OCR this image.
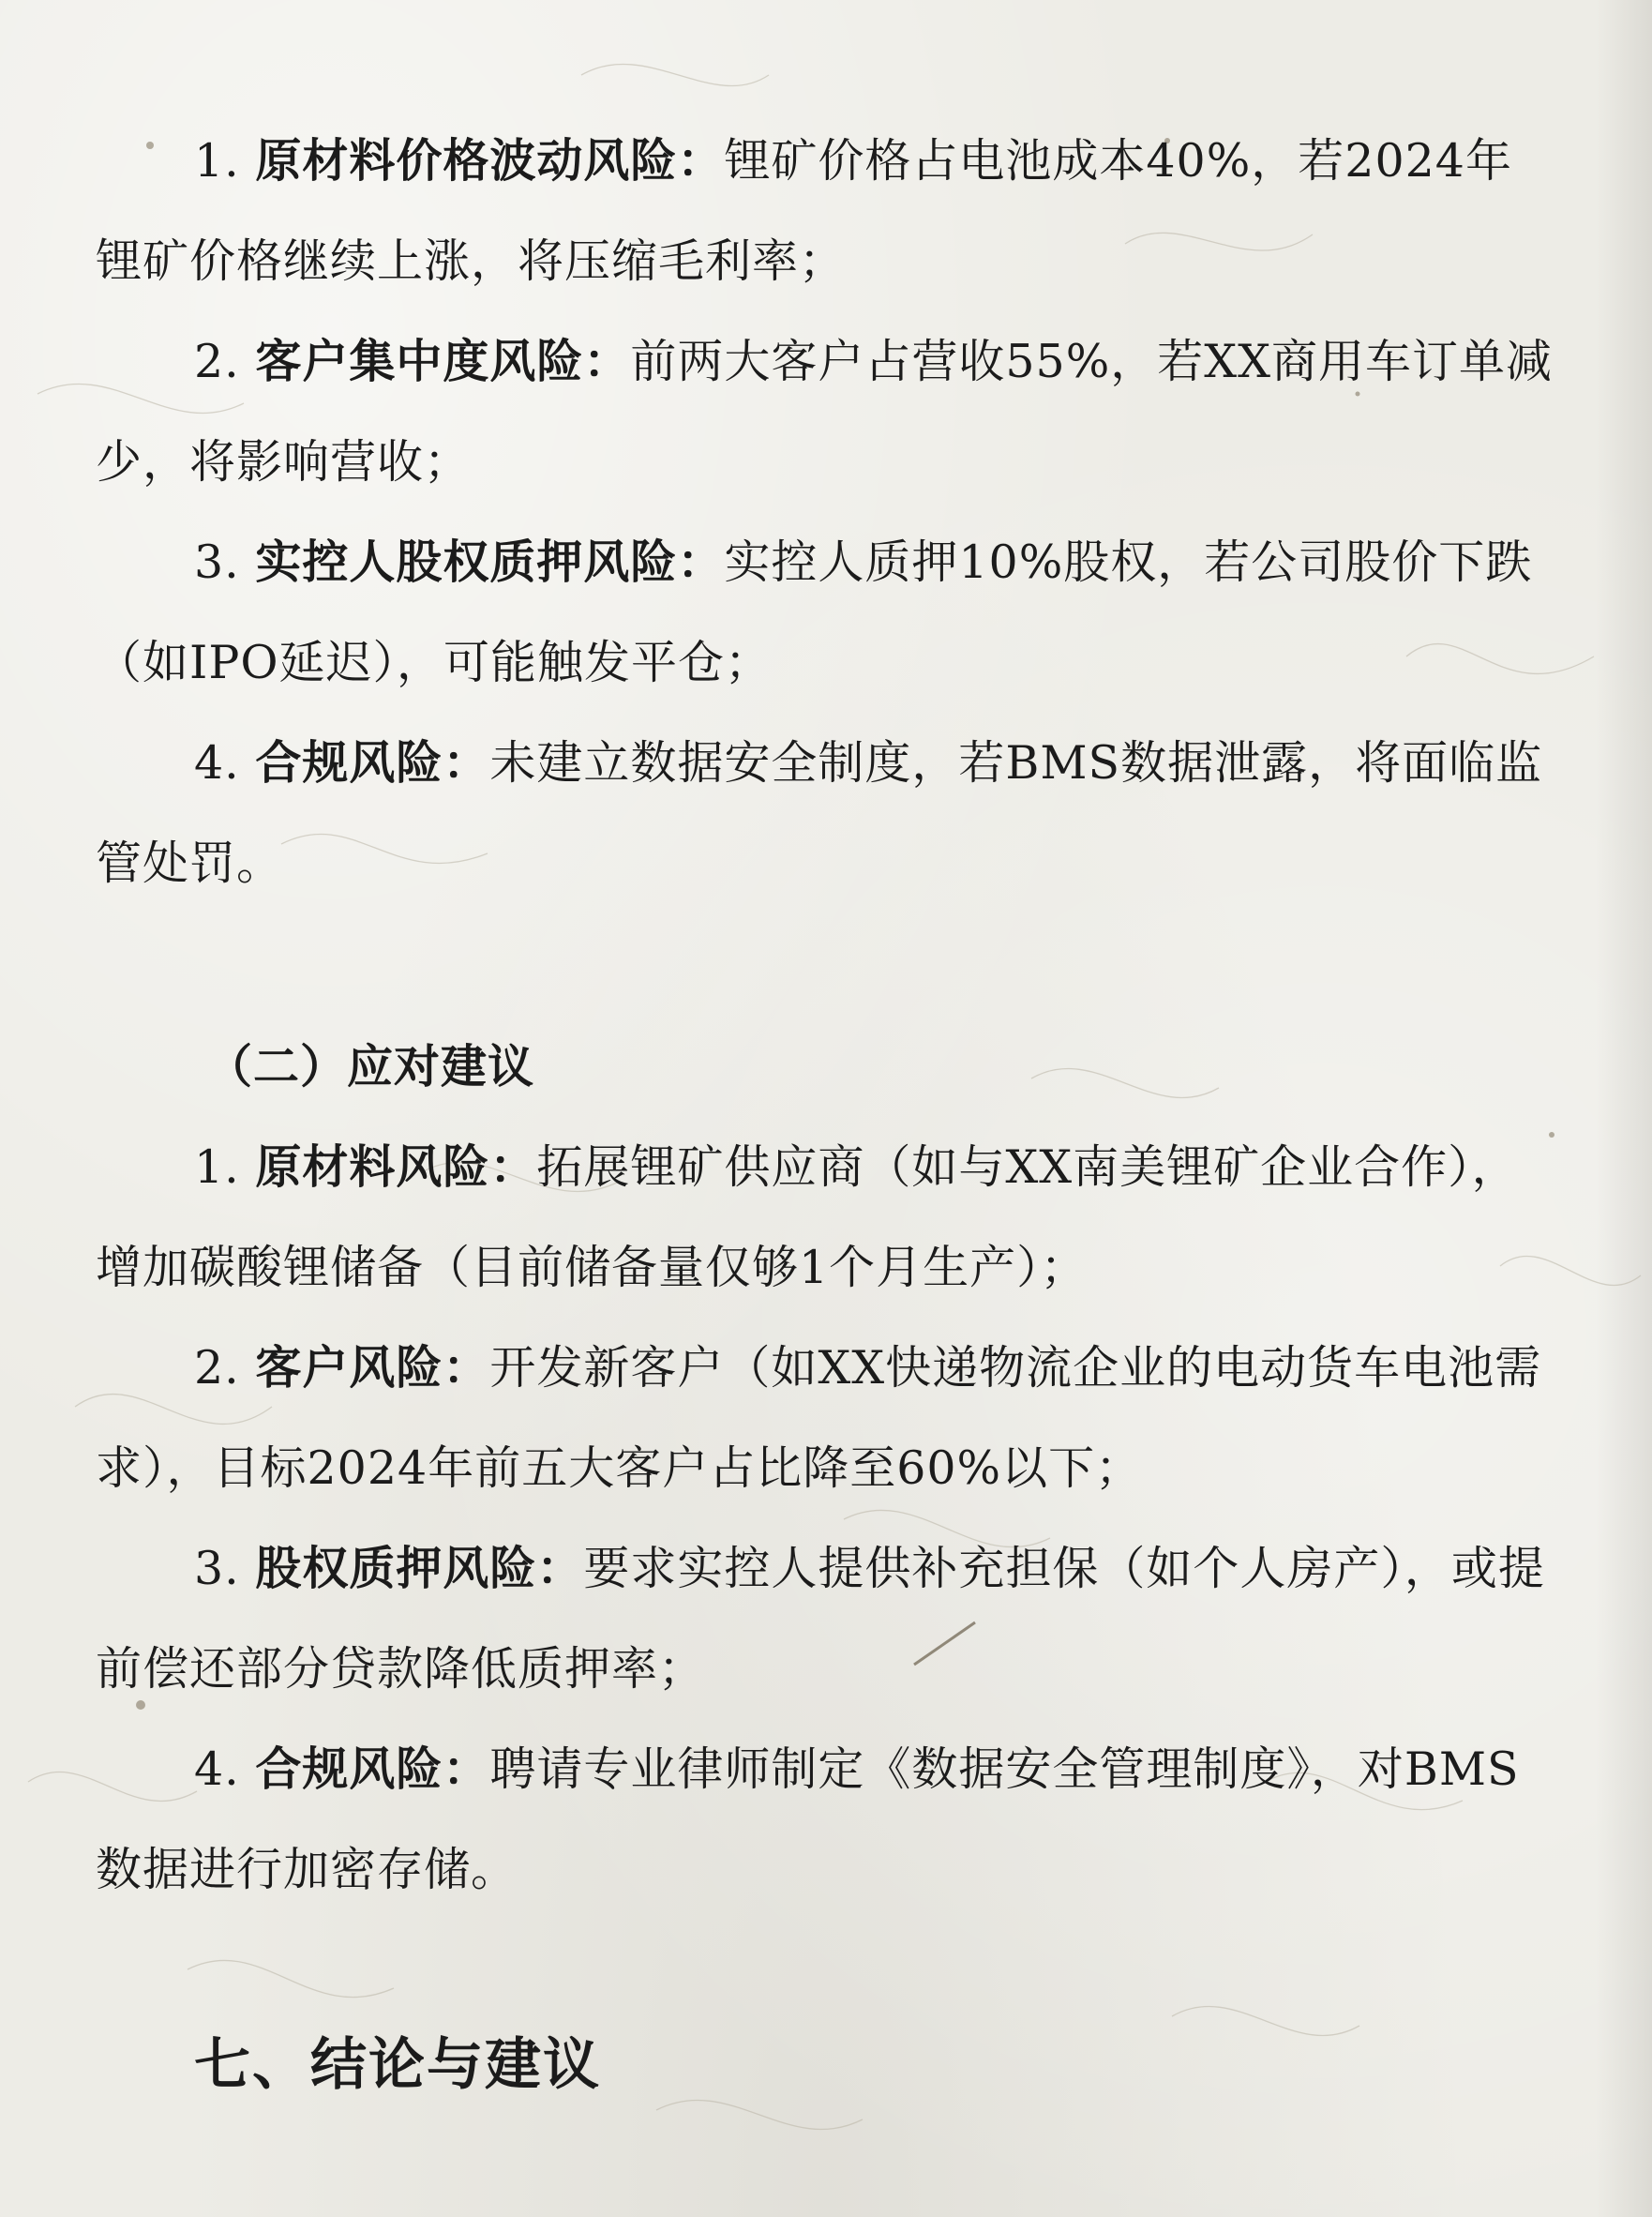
1. 原材料价格波动风险：锂矿价格占电池成本40%，若2024年锂矿价格继续上涨，将压缩毛利率；

2. 客户集中度风险：前两大客户占营收55%，若XX商用车订单减少，将影响营收；

3. 实控人股权质押风险：实控人质押10%股权，若公司股价下跌（如IPO延迟），可能触发平仓；

4. 合规风险：未建立数据安全制度，若BMS数据泄露，将面临监管处罚。

（二）应对建议

1. 原材料风险：拓展锂矿供应商（如与XX南美锂矿企业合作），增加碳酸锂储备（目前储备量仅够1个月生产）；

2. 客户风险：开发新客户（如XX快递物流企业的电动货车电池需求），目标2024年前五大客户占比降至60%以下；

3. 股权质押风险：要求实控人提供补充担保（如个人房产），或提前偿还部分贷款降低质押率；

4. 合规风险：聘请专业律师制定《数据安全管理制度》，对BMS数据进行加密存储。

七、结论与建议
